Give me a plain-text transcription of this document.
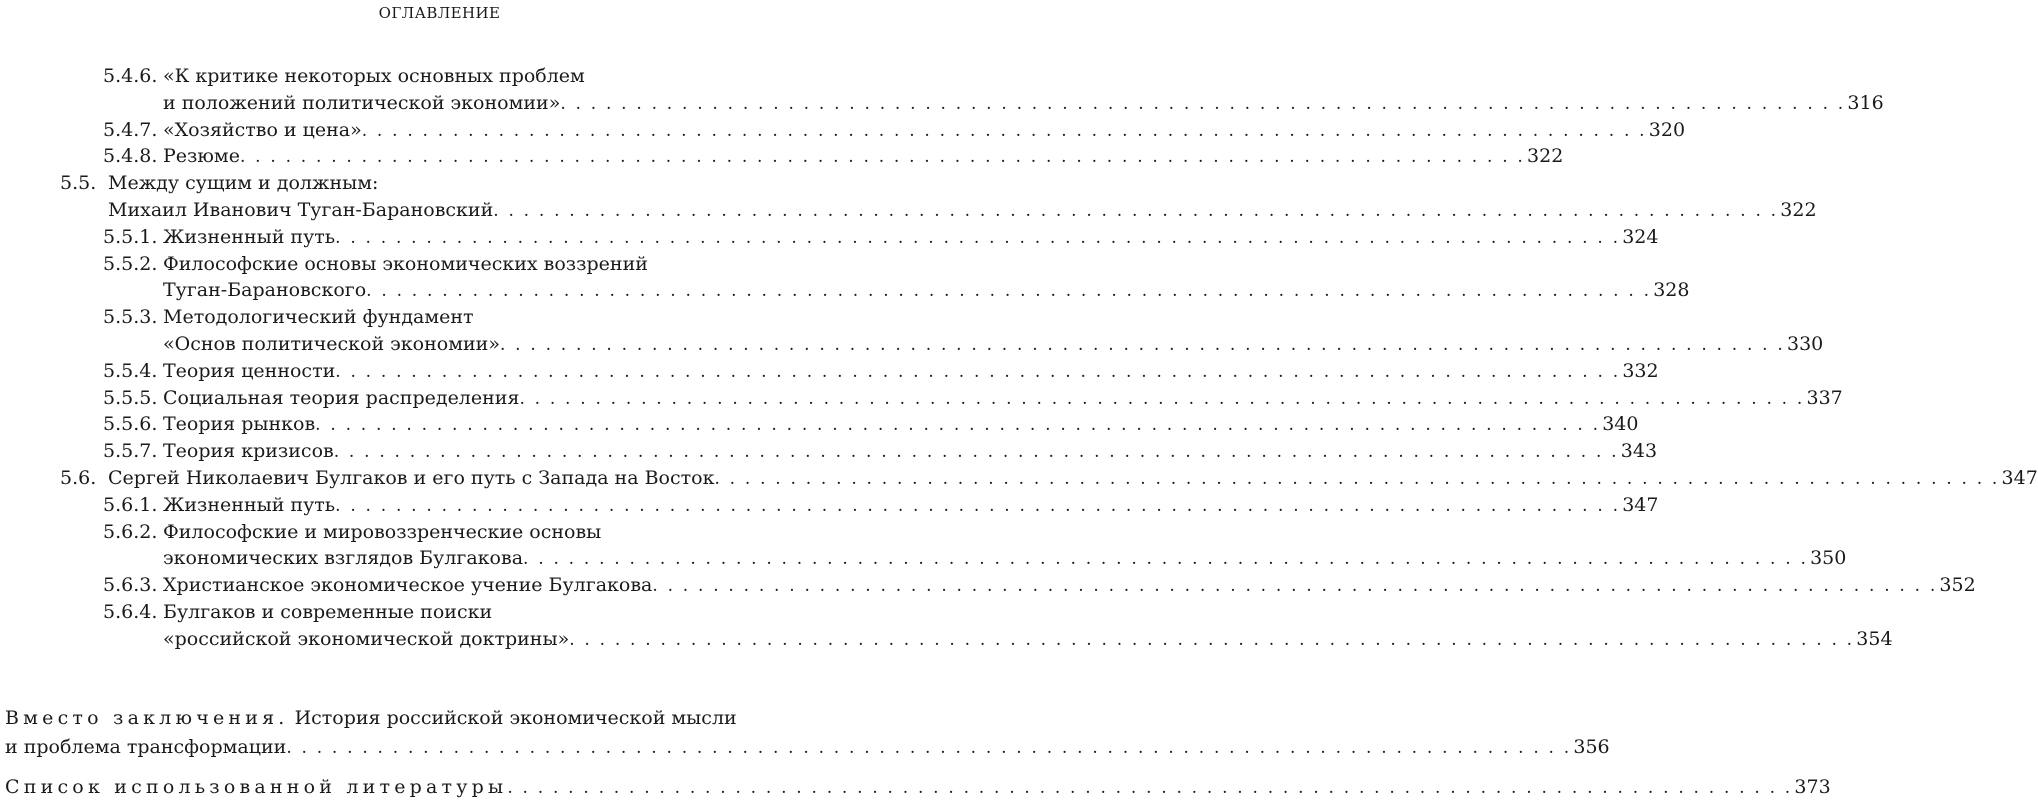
ОГЛАВЛЕНИЕ
5.4.6. «К критике некоторых основных проблем
и положений политической экономии» . . . . . . . . . . . . . . . . . . . . . . . . . . . . . . . . . . . . . . . . . . . . . . . . . . . . . . . . . . . . . . . . . . . . . . . . . . . . . . . . . . . . . 316
5.4.7. «Хозяйство и цена» . . . . . . . . . . . . . . . . . . . . . . . . . . . . . . . . . . . . . . . . . . . . . . . . . . . . . . . . . . . . . . . . . . . . . . . . . . . . . . . . . . . . . 320
5.4.8. Резюме . . . . . . . . . . . . . . . . . . . . . . . . . . . . . . . . . . . . . . . . . . . . . . . . . . . . . . . . . . . . . . . . . . . . . . . . . . . . . . . . . . . . . 322
5.5. Между сущим и должным:
Михаил Иванович Туган-Барановский . . . . . . . . . . . . . . . . . . . . . . . . . . . . . . . . . . . . . . . . . . . . . . . . . . . . . . . . . . . . . . . . . . . . . . . . . . . . . . . . . . . . . 322
5.5.1. Жизненный путь . . . . . . . . . . . . . . . . . . . . . . . . . . . . . . . . . . . . . . . . . . . . . . . . . . . . . . . . . . . . . . . . . . . . . . . . . . . . . . . . . . . . . 324
5.5.2. Философские основы экономических воззрений
Туган-Барановского . . . . . . . . . . . . . . . . . . . . . . . . . . . . . . . . . . . . . . . . . . . . . . . . . . . . . . . . . . . . . . . . . . . . . . . . . . . . . . . . . . . . . 328
5.5.3. Методологический фундамент
«Основ политической экономии» . . . . . . . . . . . . . . . . . . . . . . . . . . . . . . . . . . . . . . . . . . . . . . . . . . . . . . . . . . . . . . . . . . . . . . . . . . . . . . . . . . . . . 330
5.5.4. Теория ценности . . . . . . . . . . . . . . . . . . . . . . . . . . . . . . . . . . . . . . . . . . . . . . . . . . . . . . . . . . . . . . . . . . . . . . . . . . . . . . . . . . . . . 332
5.5.5. Социальная теория распределения . . . . . . . . . . . . . . . . . . . . . . . . . . . . . . . . . . . . . . . . . . . . . . . . . . . . . . . . . . . . . . . . . . . . . . . . . . . . . . . . . . . . . 337
5.5.6. Теория рынков . . . . . . . . . . . . . . . . . . . . . . . . . . . . . . . . . . . . . . . . . . . . . . . . . . . . . . . . . . . . . . . . . . . . . . . . . . . . . . . . . . . . . 340
5.5.7. Теория кризисов . . . . . . . . . . . . . . . . . . . . . . . . . . . . . . . . . . . . . . . . . . . . . . . . . . . . . . . . . . . . . . . . . . . . . . . . . . . . . . . . . . . . . 343
5.6. Сергей Николаевич Булгаков и его путь с Запада на Восток . . . . . . . . . . . . . . . . . . . . . . . . . . . . . . . . . . . . . . . . . . . . . . . . . . . . . . . . . . . . . . . . . . . . . . . . . . . . . . . . . . . . . 347
5.6.1. Жизненный путь . . . . . . . . . . . . . . . . . . . . . . . . . . . . . . . . . . . . . . . . . . . . . . . . . . . . . . . . . . . . . . . . . . . . . . . . . . . . . . . . . . . . . 347
5.6.2. Философские и мировоззренческие основы
экономических взглядов Булгакова . . . . . . . . . . . . . . . . . . . . . . . . . . . . . . . . . . . . . . . . . . . . . . . . . . . . . . . . . . . . . . . . . . . . . . . . . . . . . . . . . . . . . 350
5.6.3. Христианское экономическое учение Булгакова . . . . . . . . . . . . . . . . . . . . . . . . . . . . . . . . . . . . . . . . . . . . . . . . . . . . . . . . . . . . . . . . . . . . . . . . . . . . . . . . . . . . . 352
5.6.4. Булгаков и современные поиски
«российской экономической доктрины» . . . . . . . . . . . . . . . . . . . . . . . . . . . . . . . . . . . . . . . . . . . . . . . . . . . . . . . . . . . . . . . . . . . . . . . . . . . . . . . . . . . . . 354
Вместо заключения. История российской экономической мысли
и проблема трансформации . . . . . . . . . . . . . . . . . . . . . . . . . . . . . . . . . . . . . . . . . . . . . . . . . . . . . . . . . . . . . . . . . . . . . . . . . . . . . . . . . . . . . 356
Список использованной литературы . . . . . . . . . . . . . . . . . . . . . . . . . . . . . . . . . . . . . . . . . . . . . . . . . . . . . . . . . . . . . . . . . . . . . . . . . . . . . . . . . . . . . 373
